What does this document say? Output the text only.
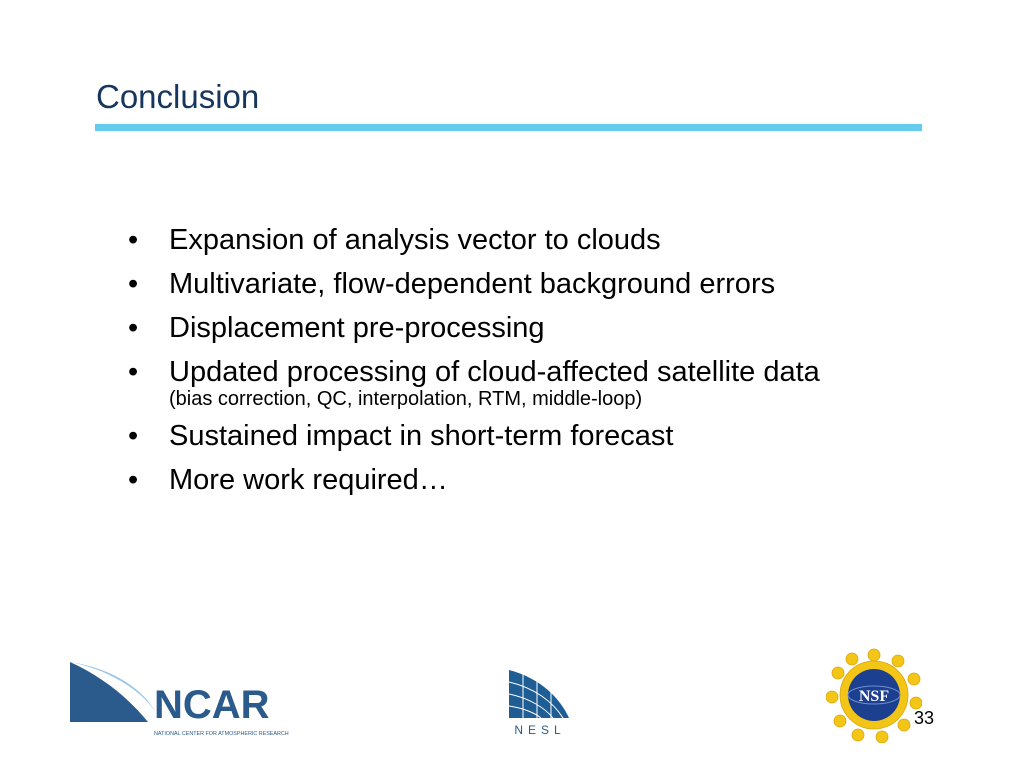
Conclusion
•	Expansion of analysis vector to clouds
•	Multivariate, flow-dependent background errors
•	Displacement pre-processing
•	Updated processing of cloud-affected satellite data
(bias correction, QC, interpolation, RTM, middle-loop)
•	Sustained impact in short-term forecast
•	More work required…
NCAR
NATIONAL CENTER FOR ATMOSPHERIC RESEARCH	NESL
NSF
33
